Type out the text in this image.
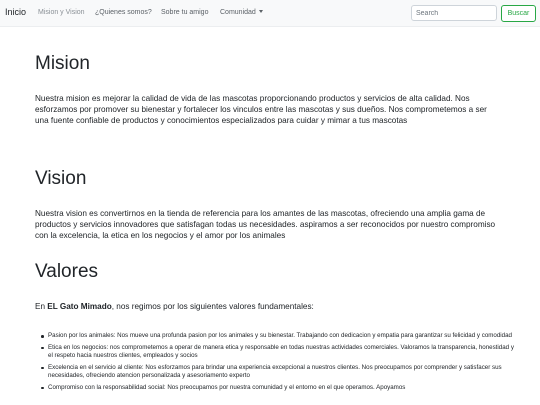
Inicio Mision y Vision ¿Quienes somos? Sobre tu amigo Comunidad
Search	Buscar
Mision

Nuestra mision es mejorar la calidad de vida de las mascotas proporcionando productos y servicios de alta calidad. Nos esforzamos por promover su bienestar y fortalecer los vinculos entre las mascotas y sus dueños. Nos comprometemos a ser una fuente confiable de productos y conocimientos especializados para cuidar y mimar a tus mascotas

Vision

Nuestra vision es convertirnos en la tienda de referencia para los amantes de las mascotas, ofreciendo una amplia gama de productos y servicios innovadores que satisfagan todas us necesidades. aspiramos a ser reconocidos por nuestro compromiso con la excelencia, la etica en los negocios y el amor por los animales

Valores

En EL Gato Mimado, nos regimos por los siguientes valores fundamentales:

Pasion por los animales: Nos mueve una profunda pasion por los animales y su bienestar. Trabajando con dedicacion y empatia para garantizar su felicidad y comodidad
Etica en los negocios: nos comprometemos a operar de manera etica y responsable en todas nuestras actividades comerciales. Valoramos la transparencia, honestidad y el respeto hacia nuestros clientes, empleados y socios
Excelencia en el servicio al cliente: Nos esforzamos para brindar una experiencia excepcional a nuestros clientes. Nos preocupamos por comprender y satisfacer sus necesidades, ofreciendo atencion personalizada y asesoriamento experto
Compromiso con la responsabilidad social: Nos preocupamos por nuestra comunidad y el entorno en el que operamos. Apoyamos
